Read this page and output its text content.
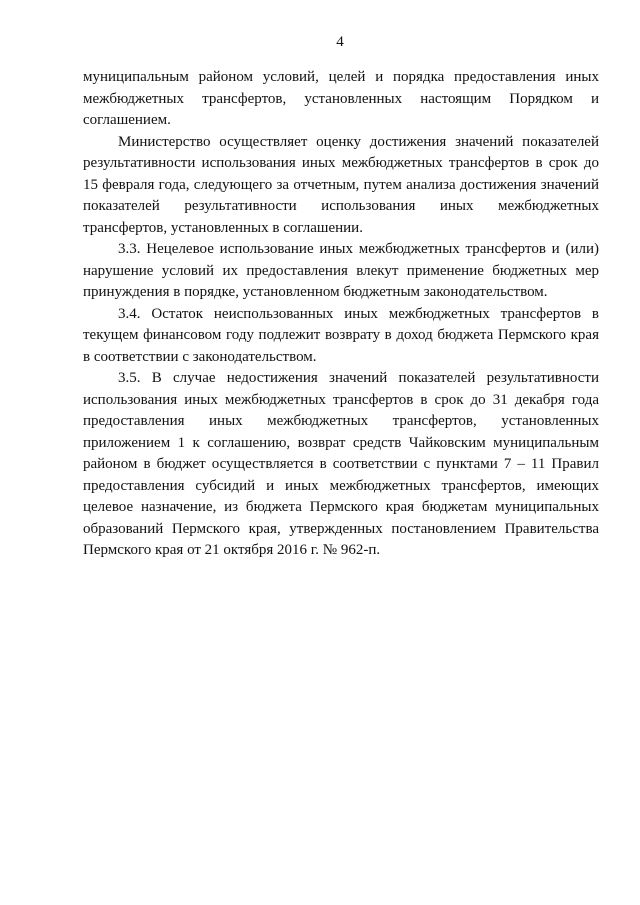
4

муниципальным районом условий, целей и порядка предоставления иных межбюджетных трансфертов, установленных настоящим Порядком и соглашением.

Министерство осуществляет оценку достижения значений показателей результативности использования иных межбюджетных трансфертов в срок до 15 февраля года, следующего за отчетным, путем анализа достижения значений показателей результативности использования иных межбюджетных трансфертов, установленных в соглашении.

3.3. Нецелевое использование иных межбюджетных трансфертов и (или) нарушение условий их предоставления влекут применение бюджетных мер принуждения в порядке, установленном бюджетным законодательством.

3.4. Остаток неиспользованных иных межбюджетных трансфертов в текущем финансовом году подлежит возврату в доход бюджета Пермского края в соответствии с законодательством.

3.5. В случае недостижения значений показателей результативности использования иных межбюджетных трансфертов в срок до 31 декабря года предоставления иных межбюджетных трансфертов, установленных приложением 1 к соглашению, возврат средств Чайковским муниципальным районом в бюджет осуществляется в соответствии с пунктами 7 – 11 Правил предоставления субсидий и иных межбюджетных трансфертов, имеющих целевое назначение, из бюджета Пермского края бюджетам муниципальных образований Пермского края, утвержденных постановлением Правительства Пермского края от 21 октября 2016 г. № 962-п.
